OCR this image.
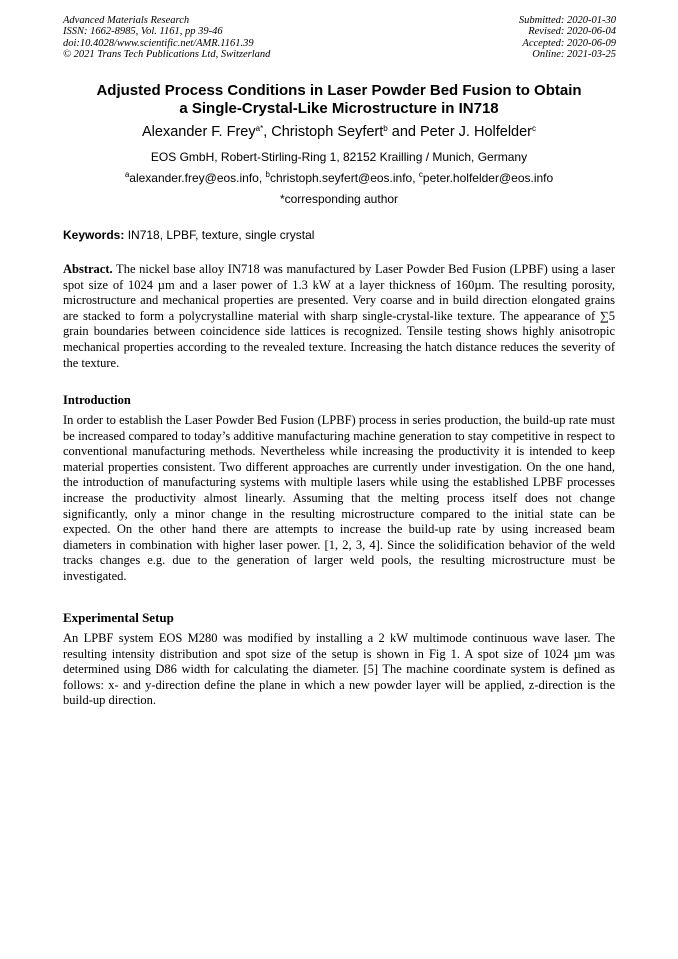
Advanced Materials Research
ISSN: 1662-8985, Vol. 1161, pp 39-46
doi:10.4028/www.scientific.net/AMR.1161.39
© 2021 Trans Tech Publications Ltd, Switzerland
Submitted: 2020-01-30
Revised: 2020-06-04
Accepted: 2020-06-09
Online: 2021-03-25
Adjusted Process Conditions in Laser Powder Bed Fusion to Obtain
a Single-Crystal-Like Microstructure in IN718
Alexander F. Frey$^{a*}$, Christoph Seyfert$^b$ and Peter J. Holfelder$^c$
EOS GmbH, Robert-Stirling-Ring 1, 82152 Krailling / Munich, Germany
$^a$alexander.frey@eos.info, $^b$christoph.seyfert@eos.info, $^c$peter.holfelder@eos.info
*corresponding author
Keywords: IN718, LPBF, texture, single crystal

Abstract. The nickel base alloy IN718 was manufactured by Laser Powder Bed Fusion (LPBF) using a laser spot size of 1024 µm and a laser power of 1.3 kW at a layer thickness of 160µm. The resulting porosity, microstructure and mechanical properties are presented. Very coarse and in build direction elongated grains are stacked to form a polycrystalline material with sharp single-crystal-like texture. The appearance of ∑5 grain boundaries between coincidence side lattices is recognized. Tensile testing shows highly anisotropic mechanical properties according to the revealed texture. Increasing the hatch distance reduces the severity of the texture.

Introduction

In order to establish the Laser Powder Bed Fusion (LPBF) process in series production, the build-up rate must be increased compared to today’s additive manufacturing machine generation to stay competitive in respect to conventional manufacturing methods. Nevertheless while increasing the productivity it is intended to keep material properties consistent. Two different approaches are currently under investigation. On the one hand, the introduction of manufacturing systems with multiple lasers while using the established LPBF processes increase the productivity almost linearly. Assuming that the melting process itself does not change significantly, only a minor change in the resulting microstructure compared to the initial state can be expected. On the other hand there are attempts to increase the build-up rate by using increased beam diameters in combination with higher laser power. [1, 2, 3, 4]. Since the solidification behavior of the weld tracks changes e.g. due to the generation of larger weld pools, the resulting microstructure must be investigated.

Experimental Setup

An LPBF system EOS M280 was modified by installing a 2 kW multimode continuous wave laser. The resulting intensity distribution and spot size of the setup is shown in Fig 1. A spot size of 1024 µm was determined using D86 width for calculating the diameter. [5] The machine coordinate system is defined as follows: x- and y-direction define the plane in which a new powder layer will be applied, z-direction is the build-up direction.
